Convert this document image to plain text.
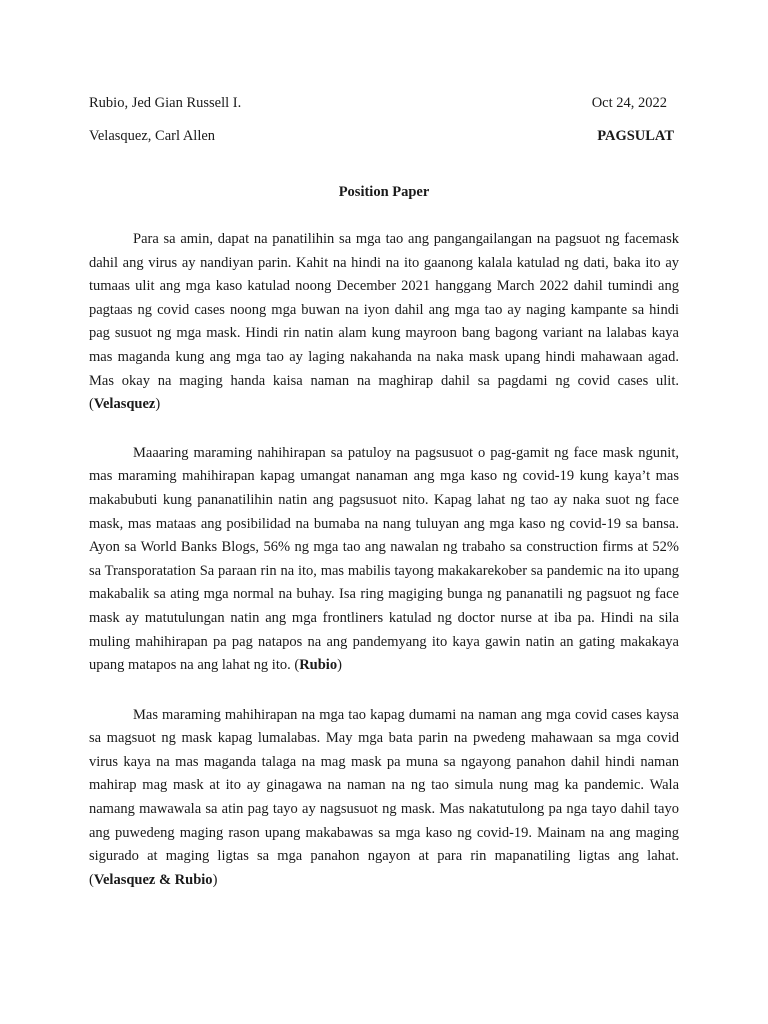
Rubio, Jed Gian Russell I.	Oct 24, 2022
Velasquez, Carl Allen	PAGSULAT
Position Paper

Para sa amin, dapat na panatilihin sa mga tao ang pangangailangan na pagsuot ng facemask dahil ang virus ay nandiyan parin. Kahit na hindi na ito gaanong kalala katulad ng dati, baka ito ay tumaas ulit ang mga kaso katulad noong December 2021 hanggang March 2022 dahil tumindi ang pagtaas ng covid cases noong mga buwan na iyon dahil ang mga tao ay naging kampante sa hindi pag susuot ng mga mask. Hindi rin natin alam kung mayroon bang bagong variant na lalabas kaya mas maganda kung ang mga tao ay laging nakahanda na naka mask upang hindi mahawaan agad. Mas okay na maging handa kaisa naman na maghirap dahil sa pagdami ng covid cases ulit. (Velasquez)

Maaaring maraming nahihirapan sa patuloy na pagsusuot o pag-gamit ng face mask ngunit, mas maraming mahihirapan kapag umangat nanaman ang mga kaso ng covid-19 kung kaya’t mas makabubuti kung pananatilihin natin ang pagsusuot nito. Kapag lahat ng tao ay naka suot ng face mask, mas mataas ang posibilidad na bumaba na nang tuluyan ang mga kaso ng covid-19 sa bansa. Ayon sa World Banks Blogs, 56% ng mga tao ang nawalan ng trabaho sa construction firms at 52% sa Transporatation Sa paraan rin na ito, mas mabilis tayong makakarekober sa pandemic na ito upang makabalik sa ating mga normal na buhay. Isa ring magiging bunga ng pananatili ng pagsuot ng face mask ay matutulungan natin ang mga frontliners katulad ng doctor nurse at iba pa. Hindi na sila muling mahihirapan pa pag natapos na ang pandemyang ito kaya gawin natin an gating makakaya upang matapos na ang lahat ng ito. (Rubio)

Mas maraming mahihirapan na mga tao kapag dumami na naman ang mga covid cases kaysa sa magsuot ng mask kapag lumalabas. May mga bata parin na pwedeng mahawaan sa mga covid virus kaya na mas maganda talaga na mag mask pa muna sa ngayong panahon dahil hindi naman mahirap mag mask at ito ay ginagawa na naman na ng tao simula nung mag ka pandemic. Wala namang mawawala sa atin pag tayo ay nagsusuot ng mask. Mas nakatutulong pa nga tayo dahil tayo ang puwedeng maging rason upang makabawas sa mga kaso ng covid-19. Mainam na ang maging sigurado at maging ligtas sa mga panahon ngayon at para rin mapanatiling ligtas ang lahat.(Velasquez & Rubio)
